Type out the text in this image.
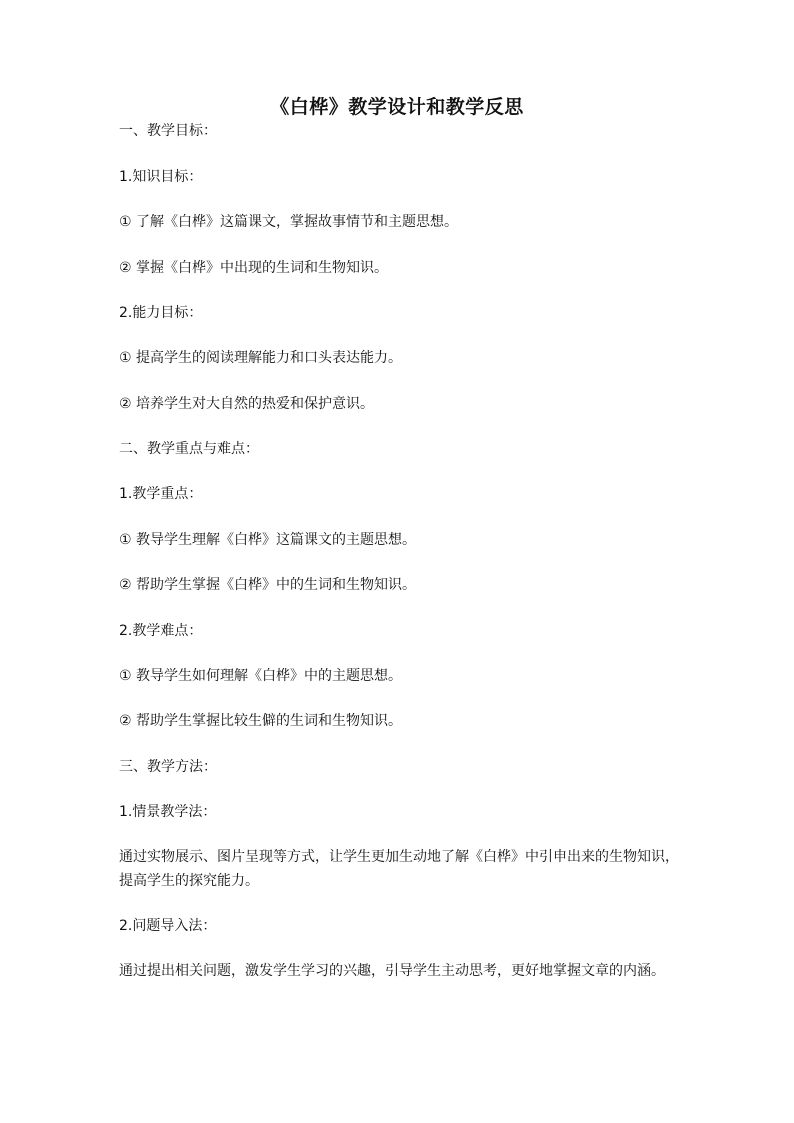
《白桦》教学设计和教学反思
一、教学目标：
1.知识目标：
① 了解《白桦》这篇课文，掌握故事情节和主题思想。
② 掌握《白桦》中出现的生词和生物知识。
2.能力目标：
① 提高学生的阅读理解能力和口头表达能力。
② 培养学生对大自然的热爱和保护意识。
二、教学重点与难点：
1.教学重点：
① 教导学生理解《白桦》这篇课文的主题思想。
② 帮助学生掌握《白桦》中的生词和生物知识。
2.教学难点：
① 教导学生如何理解《白桦》中的主题思想。
② 帮助学生掌握比较生僻的生词和生物知识。
三、教学方法：
1.情景教学法：
通过实物展示、图片呈现等方式，让学生更加生动地了解《白桦》中引申出来的生物知识，提高学生的探究能力。
2.问题导入法：
通过提出相关问题，激发学生学习的兴趣，引导学生主动思考，更好地掌握文章的内涵。
